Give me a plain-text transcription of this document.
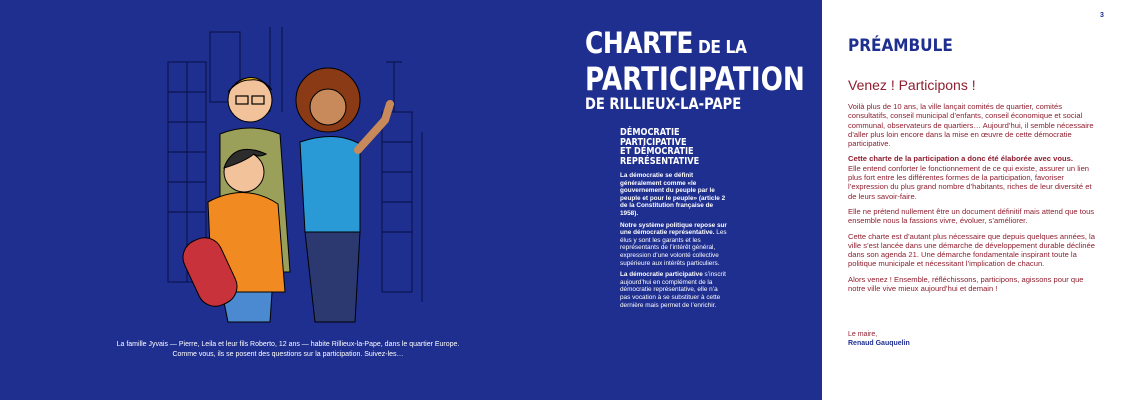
La famille Jyvais — Pierre, Leila et leur fils Roberto, 12 ans — habite Rillieux-la-Pape, dans le quartier Europe.
Comme vous, ils se posent des questions sur la participation. Suivez-les…
CHARTE DE LA
PARTICIPATION
DE RILLIEUX-LA-PAPE
DÉMOCRATIE
PARTICIPATIVE
ET DÉMOCRATIE
REPRÉSENTATIVE

La démocratie se définit généralement comme «le gouvernement du peuple par le peuple et pour le peuple» (article 2 de la Constitution française de 1958).

Notre système politique repose sur une démocratie représentative. Les élus y sont les garants et les représentants de l’intérêt général, expression d’une volonté collective supérieure aux intérêts particuliers.

La démocratie participative s’inscrit aujourd’hui en complément de la démocratie représentative, elle n’a pas vocation à se substituer à cette dernière mais permet de l’enrichir.

3
PRÉAMBULE
Venez ! Participons !

Voilà plus de 10 ans, la ville lançait comités de quartier, comités consultatifs, conseil municipal d’enfants, conseil économique et social communal, observateurs de quartiers… Aujourd’hui, il semble nécessaire d’aller plus loin encore dans la mise en œuvre de cette démocratie participative.

Cette charte de la participation a donc été élaborée avec vous.
Elle entend conforter le fonctionnement de ce qui existe, assurer un lien plus fort entre les différentes formes de la participation, favoriser l’expression du plus grand nombre d’habitants, riches de leur diversité et de leurs savoir-faire.

Elle ne prétend nullement être un document définitif mais attend que tous ensemble nous la fassions vivre, évoluer, s’améliorer.

Cette charte est d’autant plus nécessaire que depuis quelques années, la ville s’est lancée dans une démarche de développement durable déclinée dans son agenda 21. Une démarche fondamentale inspirant toute la politique municipale et nécessitant l’implication de chacun.

Alors venez ! Ensemble, réfléchissons, participons, agissons pour que notre ville vive mieux aujourd’hui et demain !

Le maire,
Renaud Gauquelin
